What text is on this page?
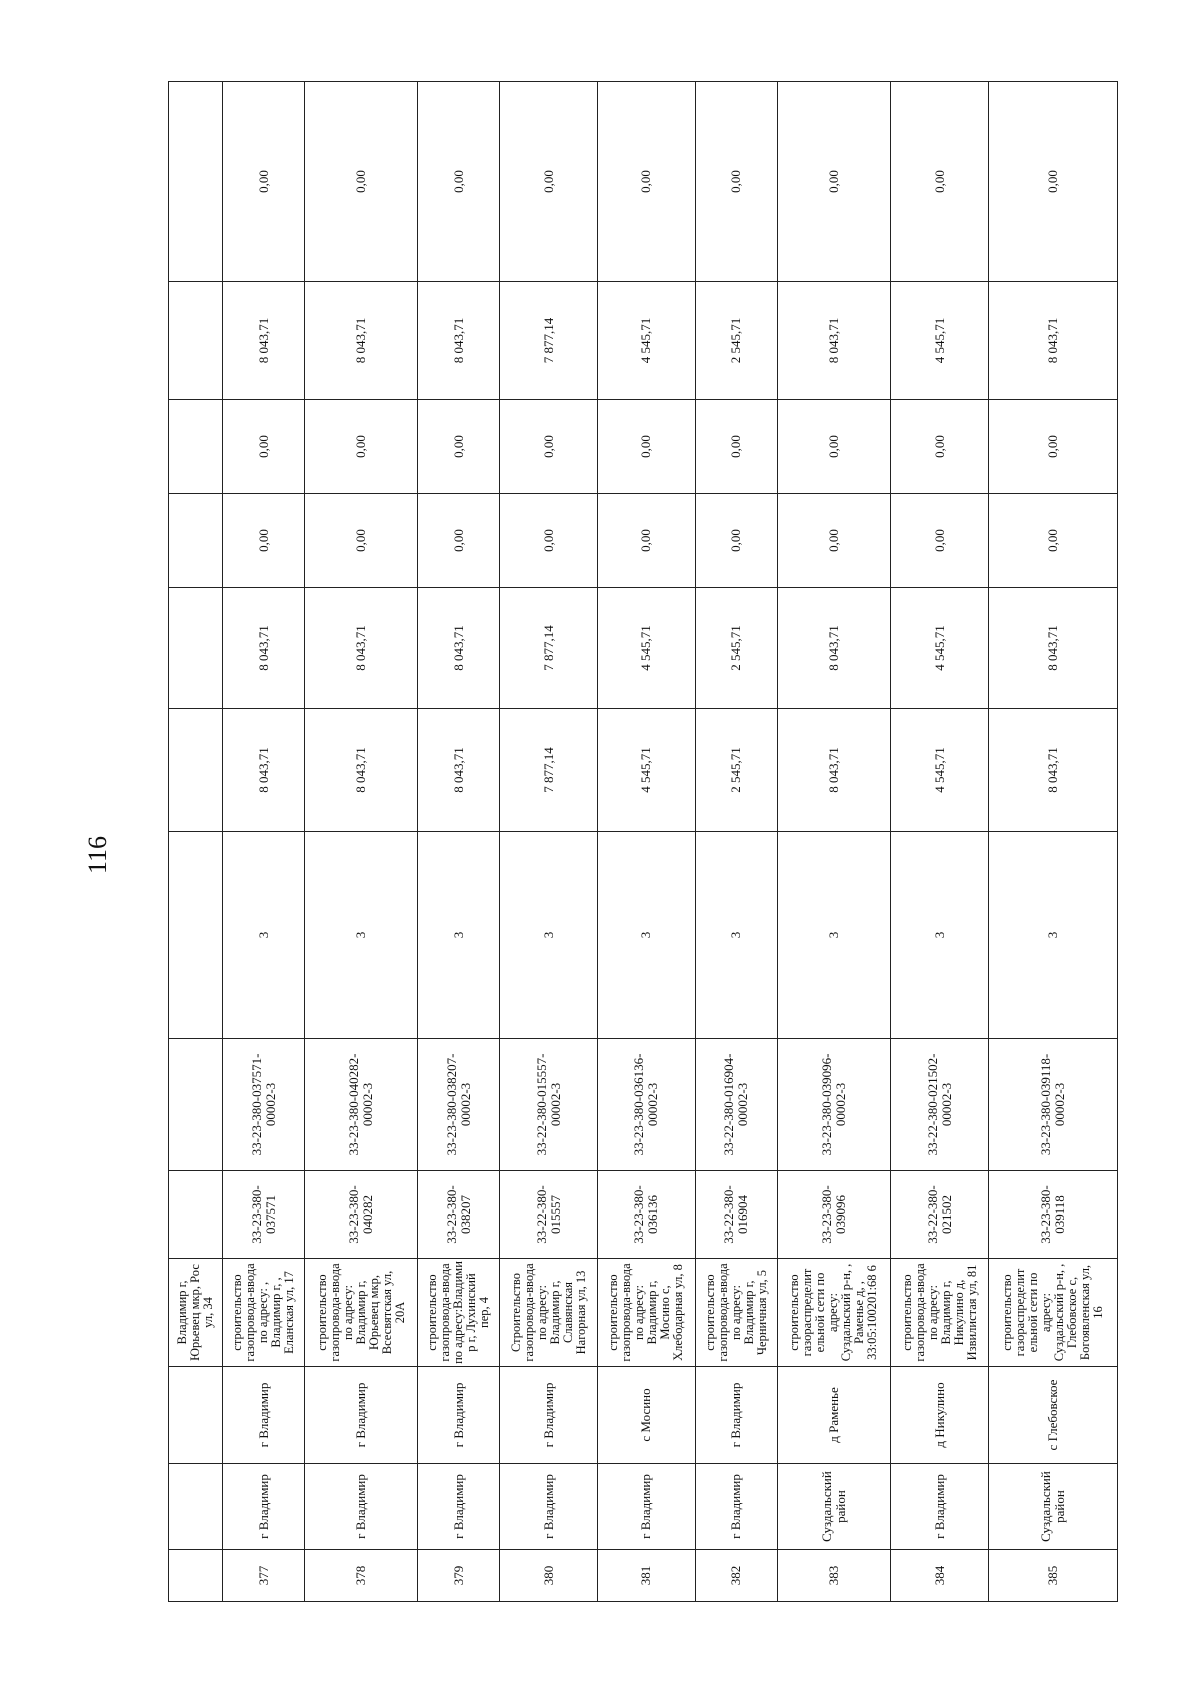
116
			Владимир г, Юрьевец мкр, Рос ул, 34									
377	г Владимир	г Владимир	строительство газопровода-ввода по адресу: , Владимир г, , Еланская ул, 17	33-23-380-037571	33-23-380-037571-00002-3	3	8 043,71	8 043,71	0,00	0,00	8 043,71	0,00
378	г Владимир	г Владимир	строительство газопровода-ввода по адресу: Владимир г, Юрьевец мкр, Всесвятская ул, 20А	33-23-380-040282	33-23-380-040282-00002-3	3	8 043,71	8 043,71	0,00	0,00	8 043,71	0,00
379	г Владимир	г Владимир	строительство газопровода-ввода по адресу:Владими р г, Лухинский пер, 4	33-23-380-038207	33-23-380-038207-00002-3	3	8 043,71	8 043,71	0,00	0,00	8 043,71	0,00
380	г Владимир	г Владимир	Строительство газопровода-ввода по адресу: Владимир г, Славянская Нагорная ул, 13	33-22-380-015557	33-22-380-015557-00002-3	3	7 877,14	7 877,14	0,00	0,00	7 877,14	0,00
381	г Владимир	с Мосино	строительство газопровода-ввода по адресу: Владимир г, Мосино с, Хлебодарная ул, 8	33-23-380-036136	33-23-380-036136-00002-3	3	4 545,71	4 545,71	0,00	0,00	4 545,71	0,00
382	г Владимир	г Владимир	строительство газопровода-ввода по адресу: Владимир г, Черничная ул, 5	33-22-380-016904	33-22-380-016904-00002-3	3	2 545,71	2 545,71	0,00	0,00	2 545,71	0,00
383	Суздальский район	д Раменье	строительство газораспределит ельной сети по адресу: Суздальский р-н, , Раменье д, , 33:05:100201:68 6	33-23-380-039096	33-23-380-039096-00002-3	3	8 043,71	8 043,71	0,00	0,00	8 043,71	0,00
384	г Владимир	д Никулино	строительство газопровода-ввода по адресу: Владимир г, Никулино д, Извилистая ул, 81	33-22-380-021502	33-22-380-021502-00002-3	3	4 545,71	4 545,71	0,00	0,00	4 545,71	0,00
385	Суздальский район	с Глебовское	строительство газораспределит ельной сети по адресу: Суздальский р-н, , Глебовское с, Богоявленская ул, 16	33-23-380-039118	33-23-380-039118-00002-3	3	8 043,71	8 043,71	0,00	0,00	8 043,71	0,00
